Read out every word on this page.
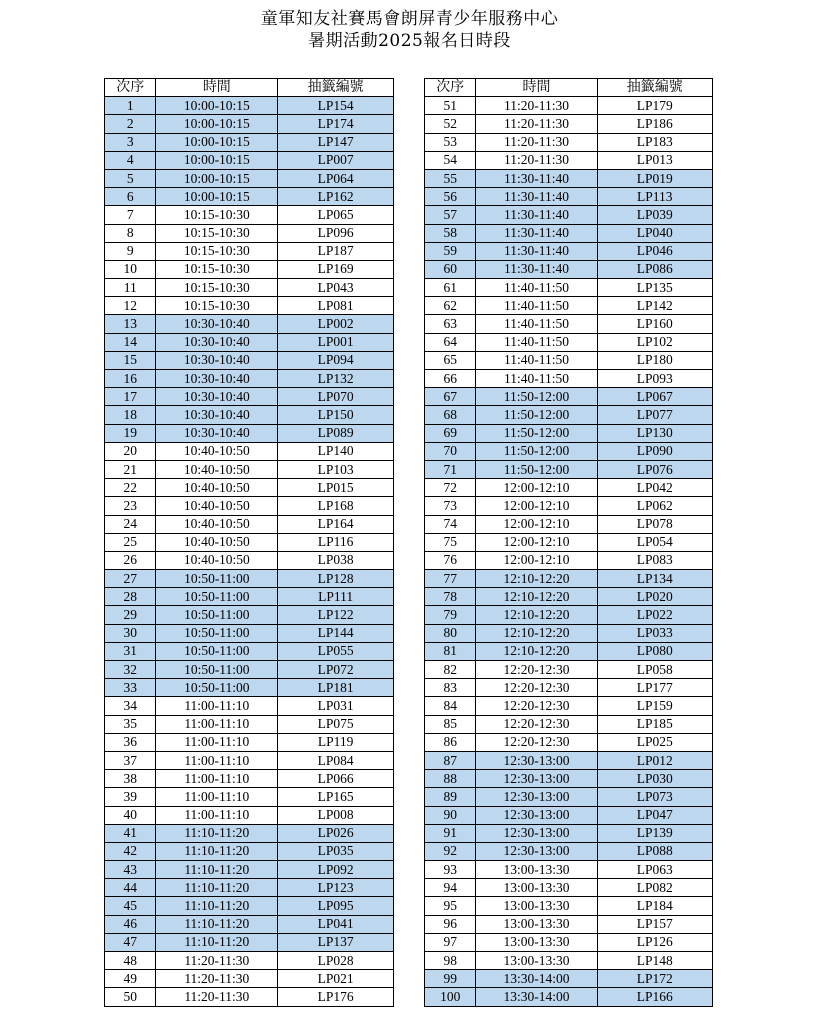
童軍知友社賽馬會朗屏青少年服務中心
暑期活動2025報名日時段
次序	時間	抽籤編號
1	10:00-10:15	LP154
2	10:00-10:15	LP174
3	10:00-10:15	LP147
4	10:00-10:15	LP007
5	10:00-10:15	LP064
6	10:00-10:15	LP162
7	10:15-10:30	LP065
8	10:15-10:30	LP096
9	10:15-10:30	LP187
10	10:15-10:30	LP169
11	10:15-10:30	LP043
12	10:15-10:30	LP081
13	10:30-10:40	LP002
14	10:30-10:40	LP001
15	10:30-10:40	LP094
16	10:30-10:40	LP132
17	10:30-10:40	LP070
18	10:30-10:40	LP150
19	10:30-10:40	LP089
20	10:40-10:50	LP140
21	10:40-10:50	LP103
22	10:40-10:50	LP015
23	10:40-10:50	LP168
24	10:40-10:50	LP164
25	10:40-10:50	LP116
26	10:40-10:50	LP038
27	10:50-11:00	LP128
28	10:50-11:00	LP111
29	10:50-11:00	LP122
30	10:50-11:00	LP144
31	10:50-11:00	LP055
32	10:50-11:00	LP072
33	10:50-11:00	LP181
34	11:00-11:10	LP031
35	11:00-11:10	LP075
36	11:00-11:10	LP119
37	11:00-11:10	LP084
38	11:00-11:10	LP066
39	11:00-11:10	LP165
40	11:00-11:10	LP008
41	11:10-11:20	LP026
42	11:10-11:20	LP035
43	11:10-11:20	LP092
44	11:10-11:20	LP123
45	11:10-11:20	LP095
46	11:10-11:20	LP041
47	11:10-11:20	LP137
48	11:20-11:30	LP028
49	11:20-11:30	LP021
50	11:20-11:30	LP176
次序	時間	抽籤編號
51	11:20-11:30	LP179
52	11:20-11:30	LP186
53	11:20-11:30	LP183
54	11:20-11:30	LP013
55	11:30-11:40	LP019
56	11:30-11:40	LP113
57	11:30-11:40	LP039
58	11:30-11:40	LP040
59	11:30-11:40	LP046
60	11:30-11:40	LP086
61	11:40-11:50	LP135
62	11:40-11:50	LP142
63	11:40-11:50	LP160
64	11:40-11:50	LP102
65	11:40-11:50	LP180
66	11:40-11:50	LP093
67	11:50-12:00	LP067
68	11:50-12:00	LP077
69	11:50-12:00	LP130
70	11:50-12:00	LP090
71	11:50-12:00	LP076
72	12:00-12:10	LP042
73	12:00-12:10	LP062
74	12:00-12:10	LP078
75	12:00-12:10	LP054
76	12:00-12:10	LP083
77	12:10-12:20	LP134
78	12:10-12:20	LP020
79	12:10-12:20	LP022
80	12:10-12:20	LP033
81	12:10-12:20	LP080
82	12:20-12:30	LP058
83	12:20-12:30	LP177
84	12:20-12:30	LP159
85	12:20-12:30	LP185
86	12:20-12:30	LP025
87	12:30-13:00	LP012
88	12:30-13:00	LP030
89	12:30-13:00	LP073
90	12:30-13:00	LP047
91	12:30-13:00	LP139
92	12:30-13:00	LP088
93	13:00-13:30	LP063
94	13:00-13:30	LP082
95	13:00-13:30	LP184
96	13:00-13:30	LP157
97	13:00-13:30	LP126
98	13:00-13:30	LP148
99	13:30-14:00	LP172
100	13:30-14:00	LP166
